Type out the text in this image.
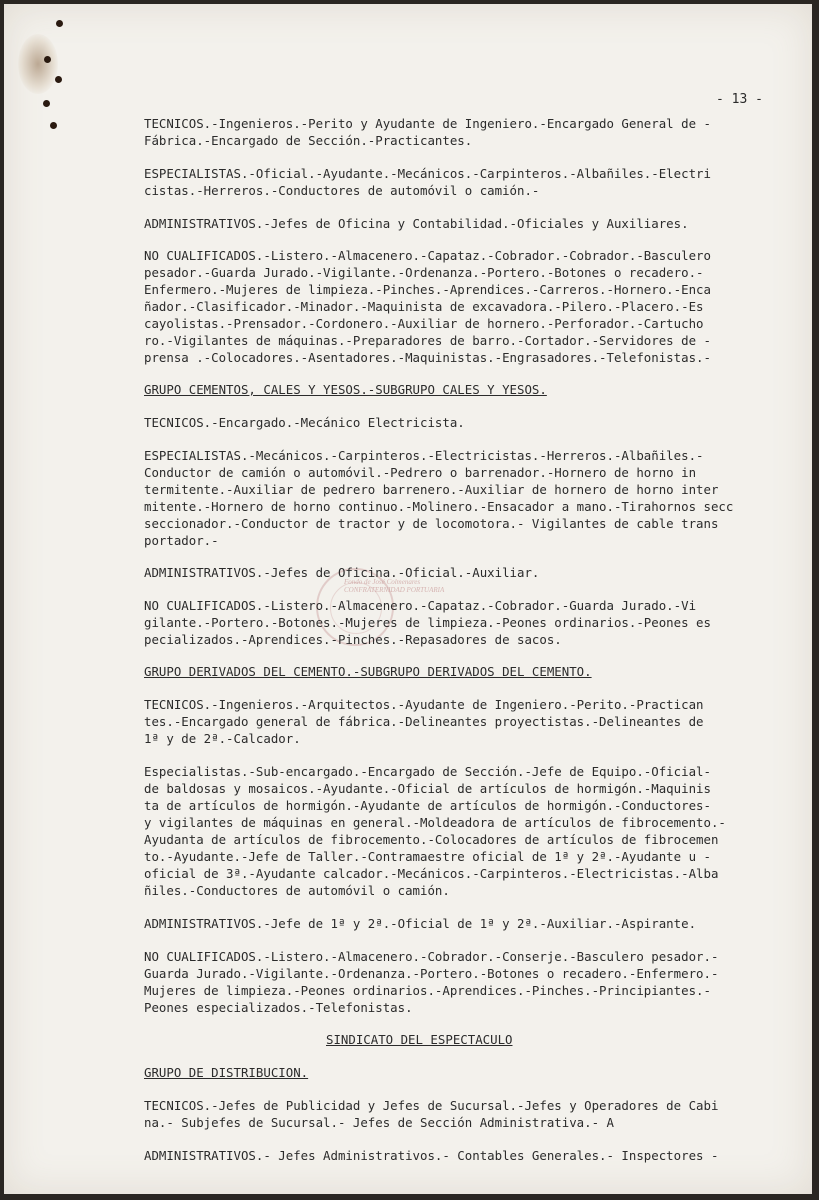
- 13 -
Fondo de José Colmenares
CONFRATERNIDAD PORTUARIA
TECNICOS.-Ingenieros.-Perito y Ayudante de Ingeniero.-Encargado General de -
Fábrica.-Encargado de Sección.-Practicantes.
ESPECIALISTAS.-Oficial.-Ayudante.-Mecánicos.-Carpinteros.-Albañiles.-Electri
cistas.-Herreros.-Conductores de automóvil o camión.-
ADMINISTRATIVOS.-Jefes de Oficina y Contabilidad.-Oficiales y Auxiliares.
NO CUALIFICADOS.-Listero.-Almacenero.-Capataz.-Cobrador.-Cobrador.-Basculero
pesador.-Guarda Jurado.-Vigilante.-Ordenanza.-Portero.-Botones o recadero.-
Enfermero.-Mujeres de limpieza.-Pinches.-Aprendices.-Carreros.-Hornero.-Enca
ñador.-Clasificador.-Minador.-Maquinista de excavadora.-Pilero.-Placero.-Es
cayolistas.-Prensador.-Cordonero.-Auxiliar de hornero.-Perforador.-Cartucho
ro.-Vigilantes de máquinas.-Preparadores de barro.-Cortador.-Servidores de -
prensa .-Colocadores.-Asentadores.-Maquinistas.-Engrasadores.-Telefonistas.-
GRUPO CEMENTOS, CALES Y YESOS.-SUBGRUPO CALES Y YESOS.
TECNICOS.-Encargado.-Mecánico Electricista.
ESPECIALISTAS.-Mecánicos.-Carpinteros.-Electricistas.-Herreros.-Albañiles.-
Conductor de camión o automóvil.-Pedrero o barrenador.-Hornero de horno in
termitente.-Auxiliar de pedrero barrenero.-Auxiliar de hornero de horno inter
mitente.-Hornero de horno continuo.-Molinero.-Ensacador a mano.-Tirahornos secc
seccionador.-Conductor de tractor y de locomotora.- Vigilantes de cable trans
portador.-
ADMINISTRATIVOS.-Jefes de Oficina.-Oficial.-Auxiliar.
NO CUALIFICADOS.-Listero.-Almacenero.-Capataz.-Cobrador.-Guarda Jurado.-Vi
gilante.-Portero.-Botones.-Mujeres de limpieza.-Peones ordinarios.-Peones es
pecializados.-Aprendices.-Pinches.-Repasadores de sacos.
GRUPO DERIVADOS DEL CEMENTO.-SUBGRUPO DERIVADOS DEL CEMENTO.
TECNICOS.-Ingenieros.-Arquitectos.-Ayudante de Ingeniero.-Perito.-Practican
tes.-Encargado general de fábrica.-Delineantes proyectistas.-Delineantes de
1ª y de 2ª.-Calcador.
Especialistas.-Sub-encargado.-Encargado de Sección.-Jefe de Equipo.-Oficial-
de baldosas y mosaicos.-Ayudante.-Oficial de artículos de hormigón.-Maquinis
ta de artículos de hormigón.-Ayudante de artículos de hormigón.-Conductores-
y vigilantes de máquinas en general.-Moldeadora de artículos de fibrocemento.-
Ayudanta de artículos de fibrocemento.-Colocadores de artículos de fibrocemen
to.-Ayudante.-Jefe de Taller.-Contramaestre oficial de 1ª y 2ª.-Ayudante u -
oficial de 3ª.-Ayudante calcador.-Mecánicos.-Carpinteros.-Electricistas.-Alba
ñiles.-Conductores de automóvil o camión.
ADMINISTRATIVOS.-Jefe de 1ª y 2ª.-Oficial de 1ª y 2ª.-Auxiliar.-Aspirante.
NO CUALIFICADOS.-Listero.-Almacenero.-Cobrador.-Conserje.-Basculero pesador.-
Guarda Jurado.-Vigilante.-Ordenanza.-Portero.-Botones o recadero.-Enfermero.-
Mujeres de limpieza.-Peones ordinarios.-Aprendices.-Pinches.-Principiantes.-
Peones especializados.-Telefonistas.
SINDICATO DEL ESPECTACULO
GRUPO DE DISTRIBUCION.
TECNICOS.-Jefes de Publicidad y Jefes de Sucursal.-Jefes y Operadores de Cabi
na.- Subjefes de Sucursal.- Jefes de Sección Administrativa.- A
ADMINISTRATIVOS.- Jefes Administrativos.- Contables Generales.- Inspectores -
